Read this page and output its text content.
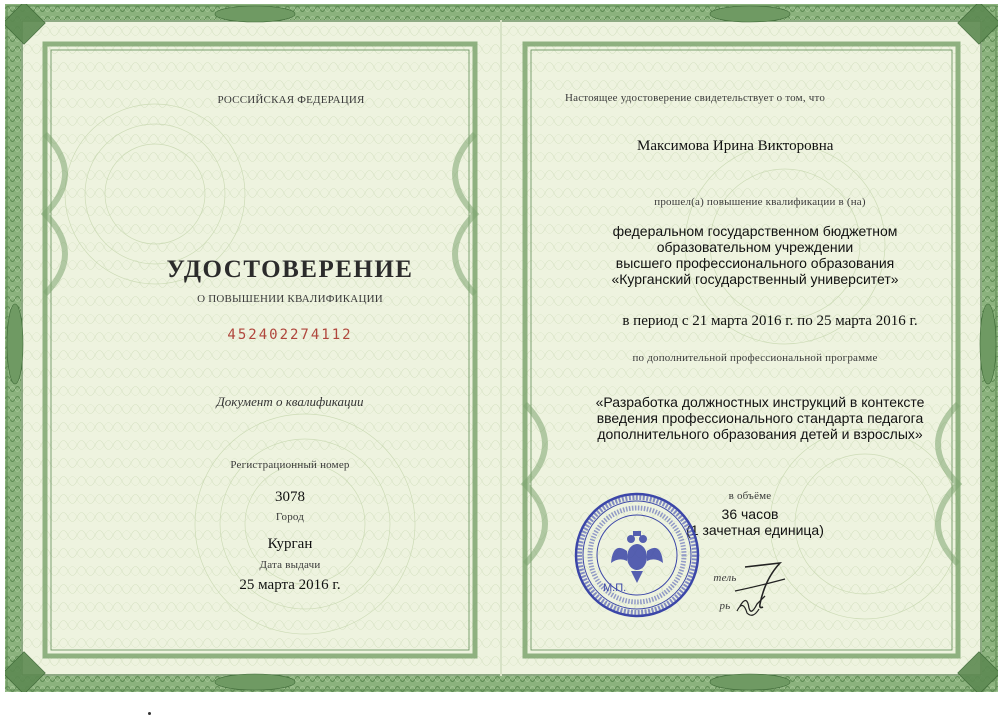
РОССИЙСКАЯ ФЕДЕРАЦИЯ
УДОСТОВЕРЕНИЕ
О ПОВЫШЕНИИ КВАЛИФИКАЦИИ
452402274112
Документ о квалификации
Регистрационный номер
3078
Город
Курган
Дата выдачи
25 марта 2016 г.
Настоящее удостоверение свидетельствует о том, что
Максимова Ирина Викторовна
прошел(а) повышение квалификации в (на)
федеральном государственном бюджетном
образовательном учреждении
высшего профессионального образования
«Курганский государственный университет»
в период с 21 марта 2016 г. по 25 марта 2016 г.
по дополнительной профессиональной программе
«Разработка должностных инструкций в контексте
введения профессионального стандарта педагога
дополнительного образования детей и взрослых»
в объёме
36 часов
(1 зачетная единица)
тель
рь
М.П.
